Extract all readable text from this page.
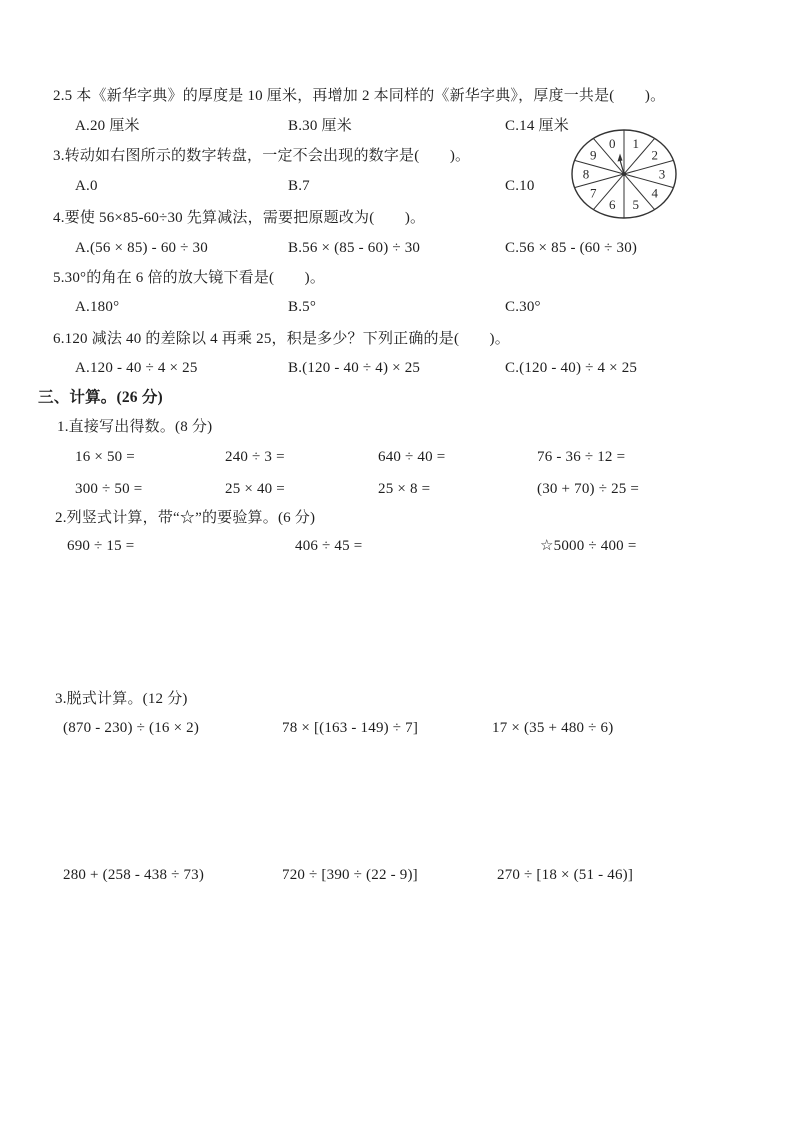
2.5 本《新华字典》的厚度是 10 厘米，再增加 2 本同样的《新华字典》，厚度一共是(　　)。
A.20 厘米	B.30 厘米	C.14 厘米
3.转动如右图所示的数字转盘，一定不会出现的数字是(　　)。
A.0	B.7	C.10
0 1
2
3
4
5
6
7
8
9
4.要使 56×85-60÷30 先算减法，需要把原题改为(　　)。
A.(56 × 85) - 60 ÷ 30	B.56 × (85 - 60) ÷ 30	C.56 × 85 - (60 ÷ 30)
5.30°的角在 6 倍的放大镜下看是(　　)。
A.180°	B.5°	C.30°
6.120 减法 40 的差除以 4 再乘 25，积是多少？下列正确的是(　　)。
A.120 - 40 ÷ 4 × 25	B.(120 - 40 ÷ 4) × 25	C.(120 - 40) ÷ 4 × 25
三、计算。(26 分)
1.直接写出得数。(8 分)
16 × 50 =	240 ÷ 3 =	640 ÷ 40 =	76 - 36 ÷ 12 =
300 ÷ 50 =	25 × 40 =	25 × 8 =	(30 + 70) ÷ 25 =
2.列竖式计算，带“☆”的要验算。(6 分)
690 ÷ 15 =	406 ÷ 45 =	☆5000 ÷ 400 =
3.脱式计算。(12 分)
(870 - 230) ÷ (16 × 2)	78 × [(163 - 149) ÷ 7]	17 × (35 + 480 ÷ 6)
280 + (258 - 438 ÷ 73)	720 ÷ [390 ÷ (22 - 9)]	270 ÷ [18 × (51 - 46)]
